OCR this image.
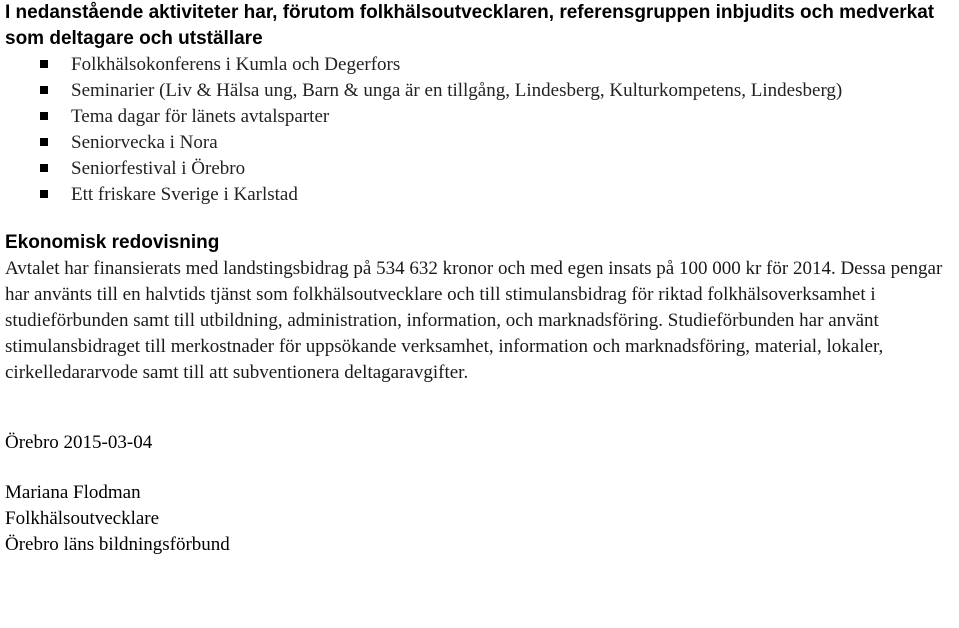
I nedanstående aktiviteter har, förutom folkhälsoutvecklaren, referensgruppen inbjudits och medverkat som deltagare och utställare
Folkhälsokonferens i Kumla och Degerfors
Seminarier (Liv & Hälsa ung, Barn & unga är en tillgång, Lindesberg, Kulturkompetens, Lindesberg)
Tema dagar för länets avtalsparter
Seniorvecka i Nora
Seniorfestival i Örebro
Ett friskare Sverige i Karlstad
Ekonomisk redovisning

Avtalet har finansierats med landstingsbidrag på 534 632 kronor och med egen insats på 100 000 kr för 2014. Dessa pengar har använts till en halvtids tjänst som folkhälsoutvecklare och till stimulansbidrag för riktad folkhälsoverksamhet i studieförbunden samt till utbildning, administration, information, och marknadsföring. Studieförbunden har använt stimulansbidraget till merkostnader för uppsökande verksamhet, information och marknadsföring, material, lokaler, cirkelledararvode samt till att subventionera deltagaravgifter.

Örebro 2015-03-04

Mariana Flodman
Folkhälsoutvecklare
Örebro läns bildningsförbund
